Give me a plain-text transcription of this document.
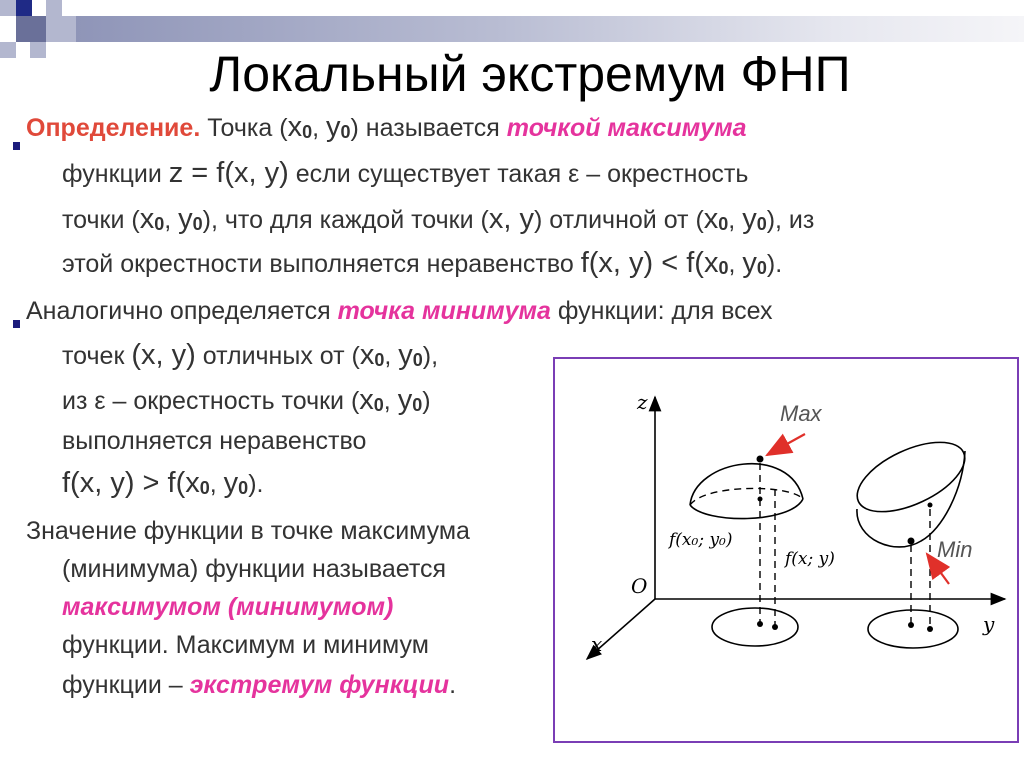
Локальный экстремум ФНП
Определение. Точка (x0, y0) называется точкой максимума
функции z = f(x, y) если существует такая ε – окрестность
точки (x0, y0), что для каждой точки (x, y) отличной от (x0, y0), из
этой окрестности выполняется неравенство f(x, y) < f(x0, y0).
Аналогично определяется точка минимума функции: для всех
точек (x, y) отличных от (x0, y0),
из ε – окрестность точки (x0, y0)
выполняется неравенство
f(x, y) > f(x0, y0).
Значение функции в точке максимума
(минимума) функции называется
максимумом (минимумом)
функции. Максимум и минимум
функции – экстремум функции.
z
y
x
O
Max
f(x₀; y₀)
f(x; y)	Min
